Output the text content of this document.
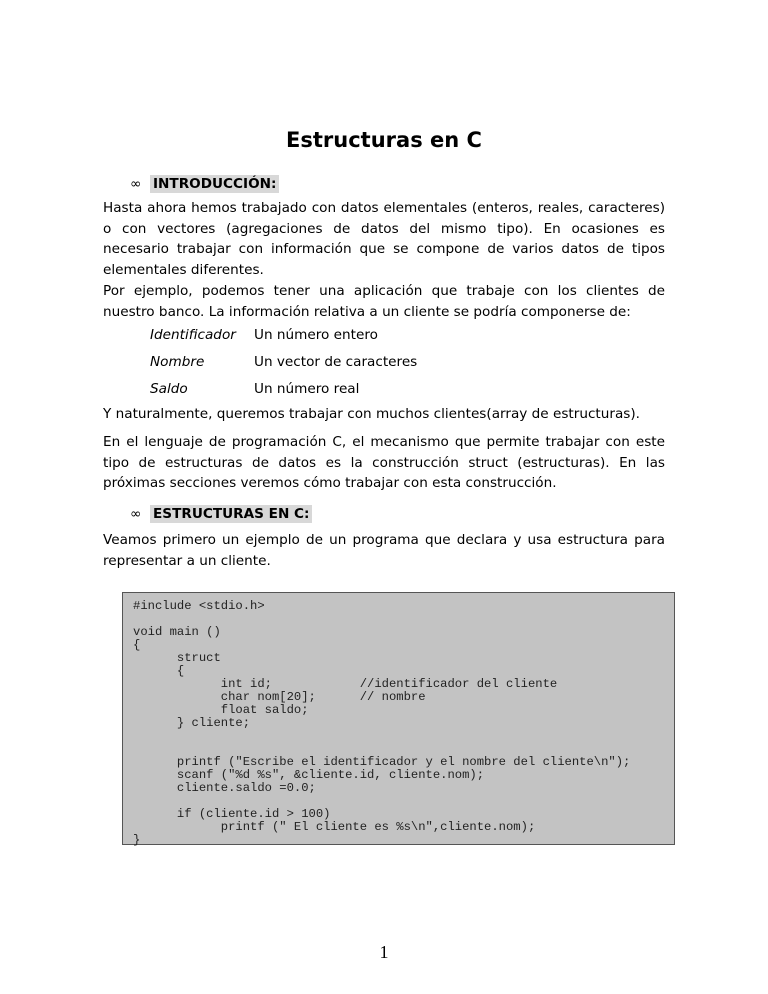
Estructuras en C
∞ INTRODUCCIÓN:
Hasta ahora hemos trabajado con datos elementales (enteros, reales, caracteres) o con vectores (agregaciones de datos del mismo tipo). En ocasiones es necesario trabajar con información que se compone de varios datos de tipos elementales diferentes.
Por ejemplo, podemos tener una aplicación que trabaje con los clientes de nuestro banco. La información relativa a un cliente se podría componerse de:
Identificador Un número entero
Nombre	Un vector de caracteres
Saldo	Un número real
Y naturalmente, queremos trabajar con muchos clientes(array de estructuras).
En el lenguaje de programación C, el mecanismo que permite trabajar con este tipo de estructuras de datos es la construcción struct (estructuras). En las próximas secciones veremos cómo trabajar con esta construcción.
∞ ESTRUCTURAS EN C:
Veamos primero un ejemplo de un programa que declara y usa estructura para representar a un cliente.
#include <stdio.h>

void main ()
{
struct
{
int id;            //identificador del cliente
char nom[20];      // nombre
float saldo;
} cliente;

printf ("Escribe el identificador y el nombre del cliente\n");
scanf ("%d %s", &cliente.id, cliente.nom);
cliente.saldo =0.0;

if (cliente.id > 100)
printf (" El cliente es %s\n",cliente.nom);
}
1
